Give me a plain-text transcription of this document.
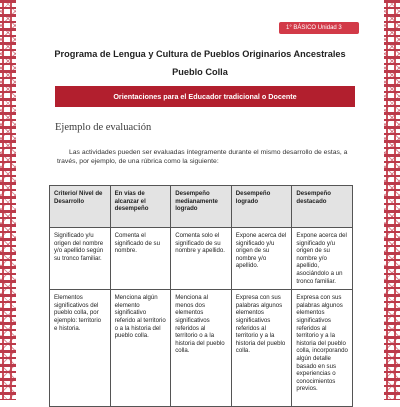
1° BÁSICO Unidad 3
Programa de Lengua y Cultura de Pueblos Originarios Ancestrales
Pueblo Colla
Orientaciones para el Educador tradicional o Docente
Ejemplo de evaluación
Las actividades pueden ser evaluadas íntegramente durante el mismo desarrollo de estas, a través, por ejemplo, de una rúbrica como la siguiente:
Criterio/ Nivel de Desarrollo	En vías de alcanzar el desempeño	Desempeño medianamente logrado	Desempeño logrado	Desempeño destacado
Significado y/u origen del nombre y/o apellido según su tronco familiar.	Comenta el significado de su nombre.	Comenta solo el significado de su nombre y apellido.	Expone acerca del significado y/u origen de su nombre y/o apellido.	Expone acerca del significado y/u origen de su nombre y/o apellido, asociándolo a un tronco familiar.
Elementos significativos del pueblo colla, por ejemplo: territorio e historia.	Menciona algún elemento significativo referido al territorio o a la historia del pueblo colla.	Menciona al menos dos elementos significativos referidos al territorio o a la historia del pueblo colla.	Expresa con sus palabras algunos elementos significativos referidos al territorio y a la historia del pueblo colla.	Expresa con sus palabras algunos elementos significativos referidos al territorio y a la historia del pueblo colla, incorporando algún detalle basado en sus experiencias o conocimientos previos.
